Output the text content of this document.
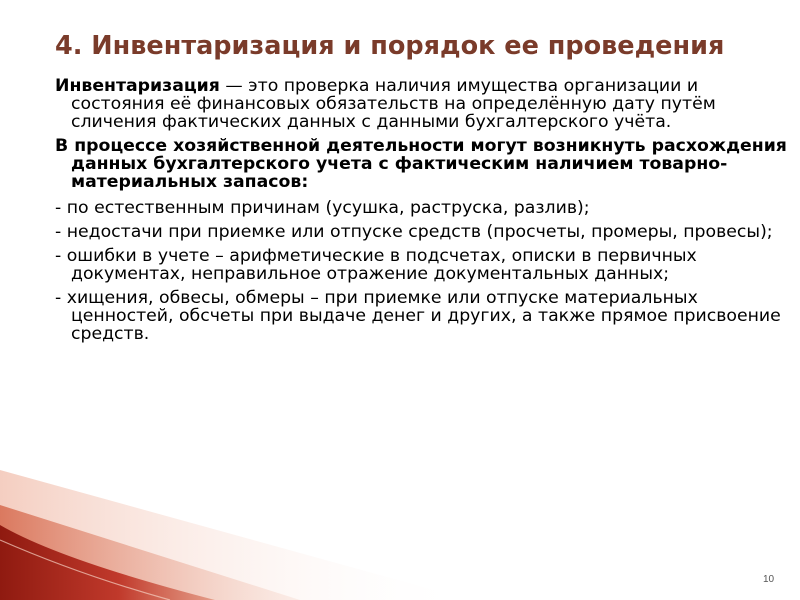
4. Инвентаризация и порядок ее проведения

Инвентаризация — это проверка наличия имущества организации и состояния её финансовых обязательств на определённую дату путём сличения фактических данных с данными бухгалтерского учёта.

В процессе хозяйственной деятельности могут возникнуть расхождения данных бухгалтерского учета с фактическим наличием товарно-материальных запасов:

- по естественным причинам (усушка, раструска, разлив);

- недостачи при приемке или отпуске средств (просчеты, промеры, провесы);

- ошибки в учете – арифметические в подсчетах, описки в первичных документах, неправильное отражение документальных данных;

- хищения, обвесы, обмеры – при приемке или отпуске материальных ценностей, обсчеты при выдаче денег и других, а также прямое присвоение средств.

10
